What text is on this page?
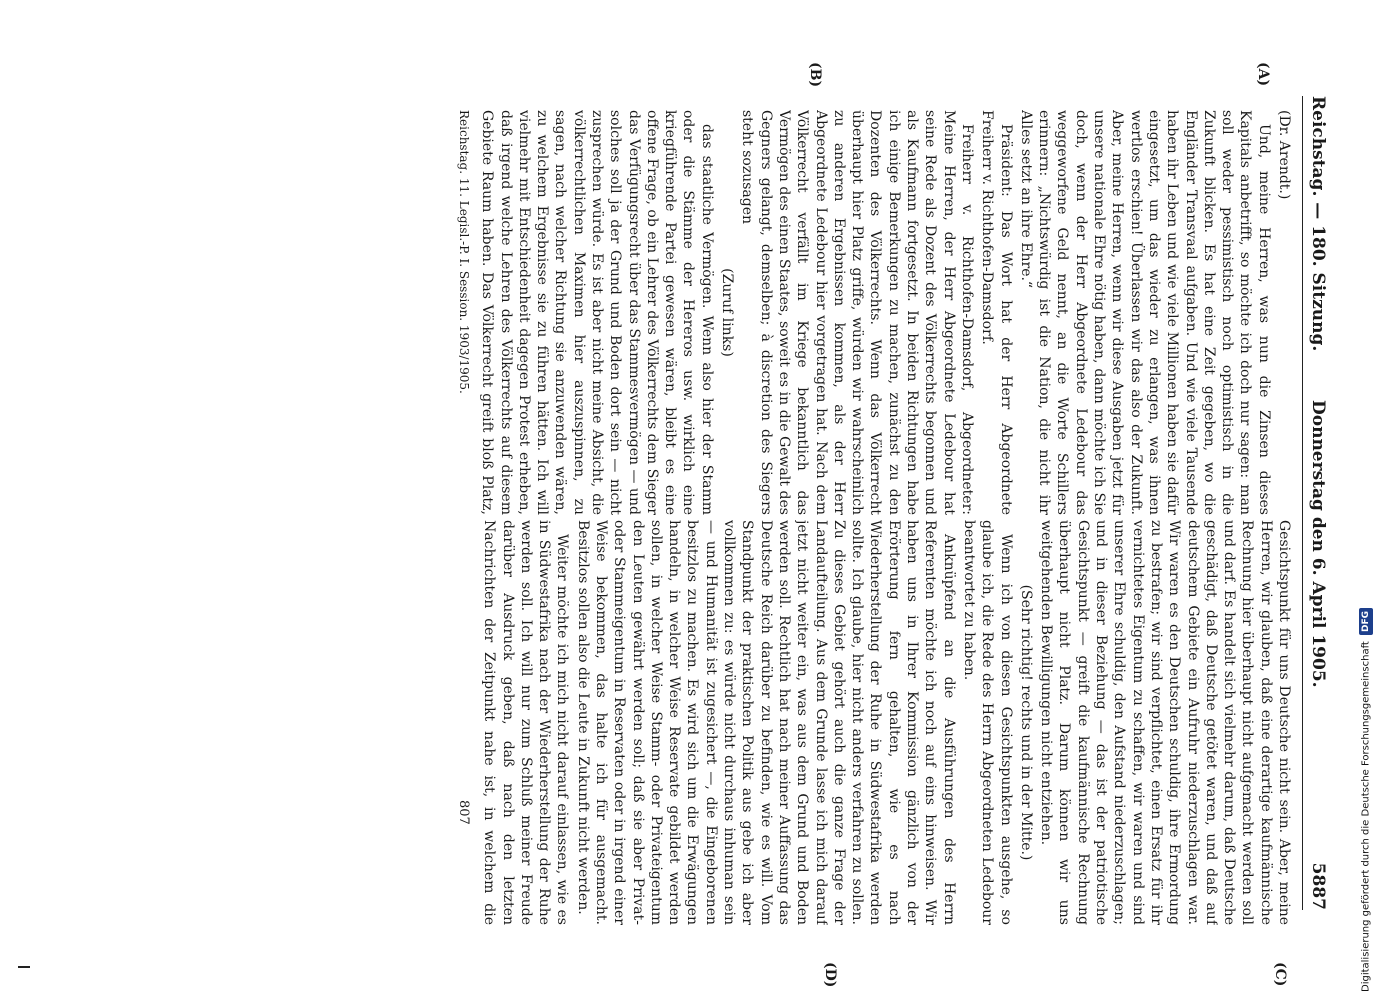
Reichstag. — 180. Sitzung.
Donnerstag den 6. April 1905.
5887
(A)
(B)
(C)
(D)

(Dr. Arendt.)

Und, meine Herren, was nun die Zinsen dieses Kapitals anbetrifft, so möchte ich doch nur sagen: man soll weder pessimistisch noch optimistisch in die Zukunft blicken. Es hat eine Zeit gegeben, wo die Engländer Transvaal aufgaben. Und wie viele Tausende haben ihr Leben und wie viele Millionen haben sie dafür eingesetzt, um das wieder zu erlangen, was ihnen wertlos erschien! Überlassen wir das also der Zukunft. Aber, meine Herren, wenn wir diese Ausgaben jetzt für unsere nationale Ehre nötig haben, dann möchte ich Sie doch, wenn der Herr Abgeordnete Ledebour das weggeworfene Geld nennt, an die Worte Schillers erinnern: „Nichtswürdig ist die Nation, die nicht ihr Alles setzt an ihre Ehre.“

Präsident: Das Wort hat der Herr Abgeordnete Freiherr v. Richthofen-Damsdorf.

Freiherr v. Richthofen-Damsdorf, Abgeordneter: Meine Herren, der Herr Abgeordnete Ledebour hat seine Rede als Dozent des Völkerrechts begonnen und als Kaufmann fortgesetzt. In beiden Richtungen habe ich einige Bemerkungen zu machen, zunächst zu den Dozenten des Völkerrechts. Wenn das Völkerrecht überhaupt hier Platz griffe, würden wir wahrscheinlich zu anderen Ergebnissen kommen, als der Herr Abgeordnete Ledebour hier vorgetragen hat. Nach dem Völkerrecht verfällt im Kriege bekanntlich das Vermögen des einen Staates, soweit es in die Gewalt des Gegners gelangt, demselben; à discretion des Siegers steht sozusagen

(Zuruf links)

das staatliche Vermögen. Wenn also hier der Stamm oder die Stämme der Hereros usw. wirklich eine kriegführende Partei gewesen wären, bleibt es eine offene Frage, ob ein Lehrer des Völkerrechts dem Sieger das Verfügungsrecht über das Stammesvermögen — und solches soll ja der Grund und Boden dort sein — nicht zusprechen würde. Es ist aber nicht meine Absicht, die völkerrechtlichen Maximen hier auszuspinnen, zu sagen, nach welcher Richtung sie anzuwenden wären, zu welchem Ergebnisse sie zu führen hätten. Ich will vielmehr mit Entschiedenheit dagegen Protest erheben, daß irgend welche Lehren des Völkerrechts auf diesem Gebiete Raum haben. Das Völkerrecht greift bloß Platz,

Gesichtspunkt für uns Deutsche nicht sein. Aber, meine Herren, wir glauben, daß eine derartige kaufmännische Rechnung hier überhaupt nicht aufgemacht werden soll und darf. Es handelt sich vielmehr darum, daß Deutsche geschädigt, daß Deutsche getötet waren, und daß auf deutschem Gebiete ein Aufruhr niederzuschlagen war. Wir waren es den Deutschen schuldig, ihre Ermordung zu bestrafen; wir sind verpflichtet, einen Ersatz für ihr vernichtetes Eigentum zu schaffen, wir waren und sind unserer Ehre schuldig, den Aufstand niederzuschlagen; und in dieser Beziehung — das ist der patriotische Gesichtspunkt — greift die kaufmännische Rechnung überhaupt nicht Platz. Darum können wir uns weitgehenden Bewilligungen nicht entziehen.

(Sehr richtig! rechts und in der Mitte.)

Wenn ich von diesen Gesichtspunkten ausgehe, so glaube ich, die Rede des Herrn Abgeordneten Ledebour beantwortet zu haben.

Anknüpfend an die Ausführungen des Herrn Referenten möchte ich noch auf eins hinweisen. Wir haben uns in Ihrer Kommission gänzlich von der Erörterung fern gehalten, wie es nach Wiederherstellung der Ruhe in Südwestafrika werden sollte. Ich glaube, hier nicht anders verfahren zu sollen. Zu dieses Gebiet gehört auch die ganze Frage der Landaufteilung. Aus dem Grunde lasse ich mich darauf jetzt nicht weiter ein, was aus dem Grund und Boden werden soll. Rechtlich hat nach meiner Auffassung das Deutsche Reich darüber zu befinden, wie es will. Vom Standpunkt der praktischen Politik aus gebe ich aber vollkommen zu: es würde nicht durchaus inhuman sein — und Humanität ist zugesichert —, die Eingeborenen besitzlos zu machen. Es wird sich um die Erwägungen handeln, in welcher Weise Reservate gebildet werden sollen, in welcher Weise Stamm- oder Privateigentum den Leuten gewährt werden soll; daß sie aber Privat- oder Stammeigentum in Reservaten oder in irgend einer Weise bekommen, das halte ich für ausgemacht. Besitzlos sollen also die Leute in Zukunft nicht werden.

Weiter möchte ich mich nicht darauf einlassen, wie es in Südwestafrika nach der Wiederherstellung der Ruhe werden soll. Ich will nur zum Schluß meiner Freude darüber Ausdruck geben, daß nach den letzten Nachrichten der Zeitpunkt nahe ist, in welchem die

Reichstag. 11. Legisl.-P. I. Session. 1903/1905.
807	Digitalisierung gefördert durch die Deutsche Forschungsgemeinschaft
DFG
